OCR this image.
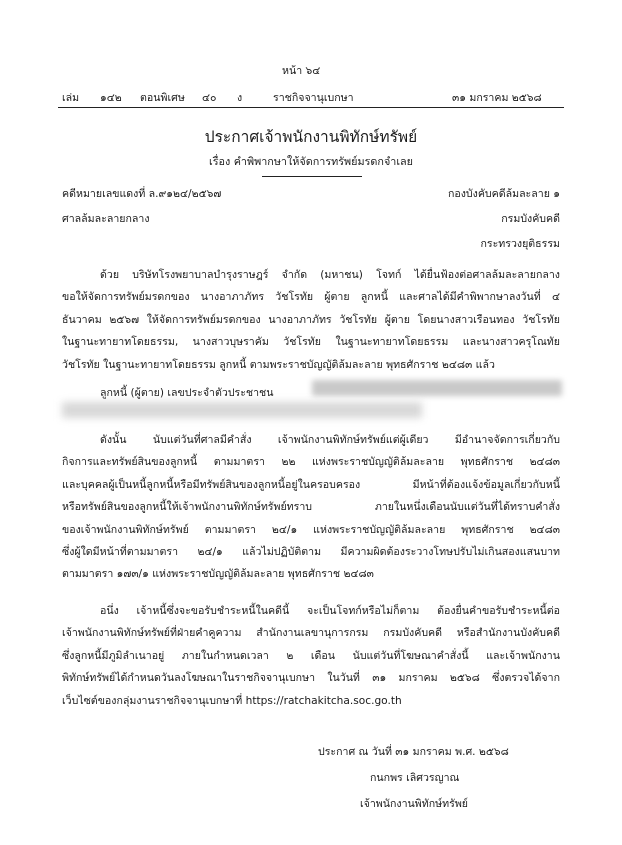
หน้า ๖๔
เล่ม ๑๔๒ ตอนพิเศษ ๔๐ ง	ราชกิจจานุเบกษา	๓๑ มกราคม ๒๕๖๘
ประกาศเจ้าพนักงานพิทักษ์ทรัพย์
เรื่อง คำพิพากษาให้จัดการทรัพย์มรดกจำเลย
คดีหมายเลขแดงที่ ล.๙๑๒๔/๒๕๖๗
ศาลล้มละลายกลาง
กองบังคับคดีล้มละลาย ๑
กรมบังคับคดี
กระทรวงยุติธรรม
ด้วย บริษัทโรงพยาบาลบำรุงราษฎร์ จำกัด (มหาชน) โจทก์ ได้ยื่นฟ้องต่อศาลล้มละลายกลาง
ขอให้จัดการทรัพย์มรดกของ นางอาภาภัทร วัชโรทัย ผู้ตาย ลูกหนี้ และศาลได้มีคำพิพากษาลงวันที่ ๔
ธันวาคม ๒๕๖๗ ให้จัดการทรัพย์มรดกของ นางอาภาภัทร วัชโรทัย ผู้ตาย โดยนางสาวเรือนทอง วัชโรทัย
ในฐานะทายาทโดยธรรม, นางสาวบุษราคัม วัชโรทัย ในฐานะทายาทโดยธรรม และนางสาวครุโณทัย
วัชโรทัย ในฐานะทายาทโดยธรรม ลูกหนี้ ตามพระราชบัญญัติล้มละลาย พุทธศักราช ๒๔๘๓ แล้ว
ลูกหนี้ (ผู้ตาย) เลขประจำตัวประชาชน
ดังนั้น นับแต่วันที่ศาลมีคำสั่ง เจ้าพนักงานพิทักษ์ทรัพย์แต่ผู้เดียว มีอำนาจจัดการเกี่ยวกับ
กิจการและทรัพย์สินของลูกหนี้ ตามมาตรา ๒๒ แห่งพระราชบัญญัติล้มละลาย พุทธศักราช ๒๔๘๓
และบุคคลผู้เป็นหนี้ลูกหนี้หรือมีทรัพย์สินของลูกหนี้อยู่ในครอบครอง มีหน้าที่ต้องแจ้งข้อมูลเกี่ยวกับหนี้
หรือทรัพย์สินของลูกหนี้ให้เจ้าพนักงานพิทักษ์ทรัพย์ทราบ ภายในหนึ่งเดือนนับแต่วันที่ได้ทราบคำสั่ง
ของเจ้าพนักงานพิทักษ์ทรัพย์ ตามมาตรา ๒๔/๑ แห่งพระราชบัญญัติล้มละลาย พุทธศักราช ๒๔๘๓
ซึ่งผู้ใดมีหน้าที่ตามมาตรา ๒๔/๑ แล้วไม่ปฏิบัติตาม มีความผิดต้องระวางโทษปรับไม่เกินสองแสนบาท
ตามมาตรา ๑๗๓/๑ แห่งพระราชบัญญัติล้มละลาย พุทธศักราช ๒๔๘๓
อนึ่ง เจ้าหนี้ซึ่งจะขอรับชำระหนี้ในคดีนี้ จะเป็นโจทก์หรือไม่ก็ตาม ต้องยื่นคำขอรับชำระหนี้ต่อ
เจ้าพนักงานพิทักษ์ทรัพย์ที่ฝ่ายคำคูความ สำนักงานเลขานุการกรม กรมบังคับคดี หรือสำนักงานบังคับคดี
ซึ่งลูกหนี้มีภูมิลำเนาอยู่ ภายในกำหนดเวลา ๒ เดือน นับแต่วันที่โฆษณาคำสั่งนี้ และเจ้าพนักงาน
พิทักษ์ทรัพย์ได้กำหนดวันลงโฆษณาในราชกิจจานุเบกษา ในวันที่ ๓๑ มกราคม ๒๕๖๘ ซึ่งตรวจได้จาก
เว็บไซต์ของกลุ่มงานราชกิจจานุเบกษาที่ https://ratchakitcha.soc.go.th
ประกาศ ณ วันที่ ๓๑ มกราคม พ.ศ. ๒๕๖๘
กนกพร เลิศวรญาณ
เจ้าพนักงานพิทักษ์ทรัพย์
